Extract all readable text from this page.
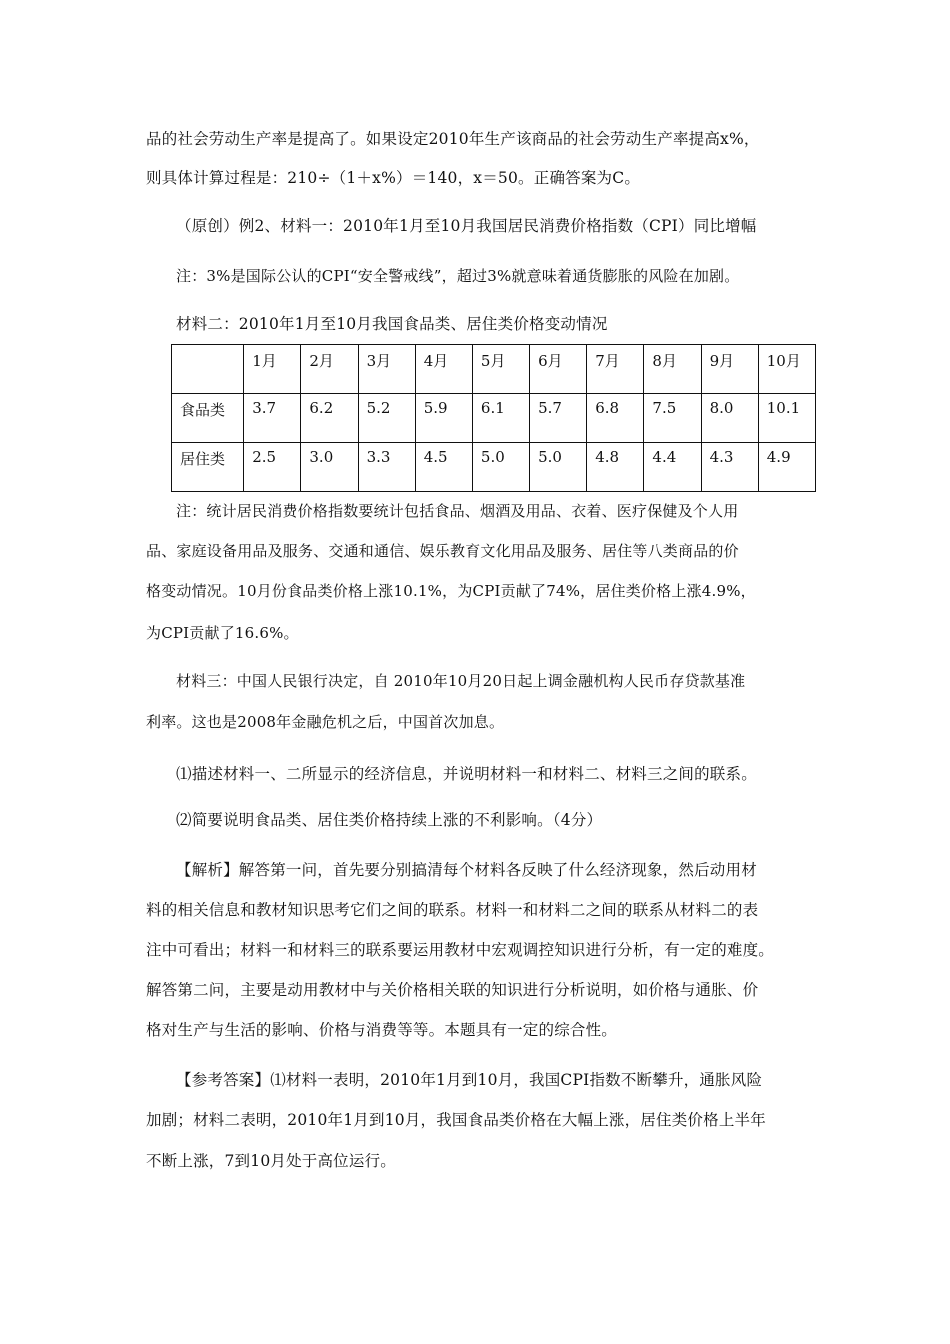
品的社会劳动生产率是提高了。如果设定2010年生产该商品的社会劳动生产率提高x%，
则具体计算过程是：210÷（1＋x%）＝140，x＝50。正确答案为C。
（原创）例2、材料一：2010年1月至10月我国居民消费价格指数（CPI）同比增幅
注：3%是国际公认的CPI“安全警戒线”，超过3%就意味着通货膨胀的风险在加剧。
材料二：2010年1月至10月我国食品类、居住类价格变动情况
	1月	2月	3月	4月	5月	6月	7月	8月	9月	10月
食品类	3.7	6.2	5.2	5.9	6.1	5.7	6.8	7.5	8.0	10.1
居住类	2.5	3.0	3.3	4.5	5.0	5.0	4.8	4.4	4.3	4.9
注：统计居民消费价格指数要统计包括食品、烟酒及用品、衣着、医疗保健及个人用
品、家庭设备用品及服务、交通和通信、娱乐教育文化用品及服务、居住等八类商品的价
格变动情况。10月份食品类价格上涨10.1%，为CPI贡献了74%，居住类价格上涨4.9%，
为CPI贡献了16.6%。
材料三：中国人民银行决定，自 2010年10月20日起上调金融机构人民币存贷款基准
利率。这也是2008年金融危机之后，中国首次加息。
⑴描述材料一、二所显示的经济信息，并说明材料一和材料二、材料三之间的联系。
⑵简要说明食品类、居住类价格持续上涨的不利影响。（4分）
【解析】解答第一问，首先要分别搞清每个材料各反映了什么经济现象，然后动用材
料的相关信息和教材知识思考它们之间的联系。材料一和材料二之间的联系从材料二的表
注中可看出；材料一和材料三的联系要运用教材中宏观调控知识进行分析，有一定的难度。
解答第二问，主要是动用教材中与关价格相关联的知识进行分析说明，如价格与通胀、价
格对生产与生活的影响、价格与消费等等。本题具有一定的综合性。
【参考答案】⑴材料一表明，2010年1月到10月，我国CPI指数不断攀升，通胀风险
加剧；材料二表明，2010年1月到10月，我国食品类价格在大幅上涨，居住类价格上半年
不断上涨，7到10月处于高位运行。
